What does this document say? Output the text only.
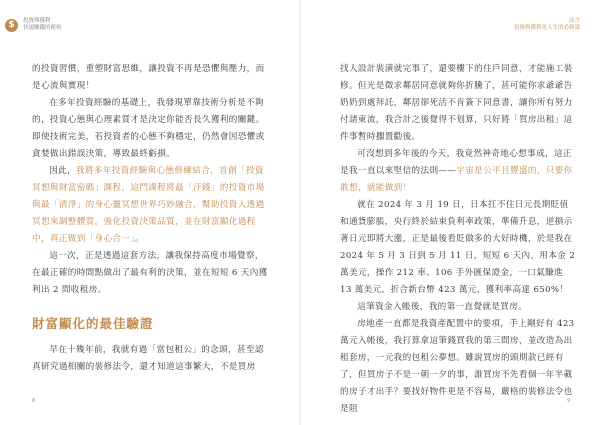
$	投資與獲利
快速賺錢的秘密

的投資習慣，重塑財富思維，讓投資不再是恐懼與壓力，而是心流與實現！

在多年投資經驗的基礎上，我發現單靠技術分析是不夠的，投資心態與心理素質才是決定你能否長久獲利的關鍵。即使技術完美，若投資者的心態不夠穩定，仍然會因恐懼或貪婪做出錯誤決策，導致最終虧損。

因此，我將多年投資經驗與心態修練結合，首創「投資冥想與財富密碼」課程，這門課程將最「汗錢」的投資市場與最「清淨」的身心靈冥想世界巧妙融合，幫助投資人透過冥想來調整體質，強化投資決策品質，並在財富顯化過程中，真正做到「身心合一」。

這一次，正是透過這套方法，讓我保持高度市場覺察，在最正確的時間點做出了最有利的決策，並在短短 6 天內獲利出 2 間收租房。

財富顯化的最佳驗證

早在十幾年前，我就有過「當包租公」的念頭，甚至認真研究過相關的裝修法令，還才知道這事繁大，不是買房

8
前言
投資與獲利是人生的必修課

找人設計裝潢就完事了，還要樓下的住戶同意，才能施工裝修。但光是徵求鄰居同意就夠你折騰了，甚可能你求爺爺告奶奶到處拜託，鄰居卻死活不肯簽下同意書，讓你所有努力付諸東流，我合計之後覺得不划算，只好將「買房出租」這件事暫時擱置勸後。

可沒想到多年後的今天，我竟然神奇地心想事成，這正是我一直以來堅信的法則——宇宙是公平且豐盛的，只要你敢想，就能做到！

就在 2024 年 3 月 19 日，日本扛不住日元長期貶值和通貨膨脹，央行終於結束負利率政策，準備升息，逆損示著日元即將大漲，正是最後看貶做多的大好時機，於是我在 2024 年 5 月 3 日到 5 月 11 日，短短 6 天內，用本金 2 萬美元，操作 212 車、106 手外匯保證金，一口氣賺進 13 萬美元，折合新台幣 423 萬元，獲利率高達 650%！

這筆資金入帳後，我的第一直覺就是買房。

房地產一直都是我資產配置中的要項，手上剛好有 423 萬元入帳後，我打算拿這筆錢買我的第三間房，並改造為出租套房，一元我的包租公夢想。雖說買房的頭期款已經有了，但買房子不是一朝一夕的事，誰買房不先看個一年半載的房子才出手？要找好物件更是不容易，嚴格的裝修法令也是阻

9
